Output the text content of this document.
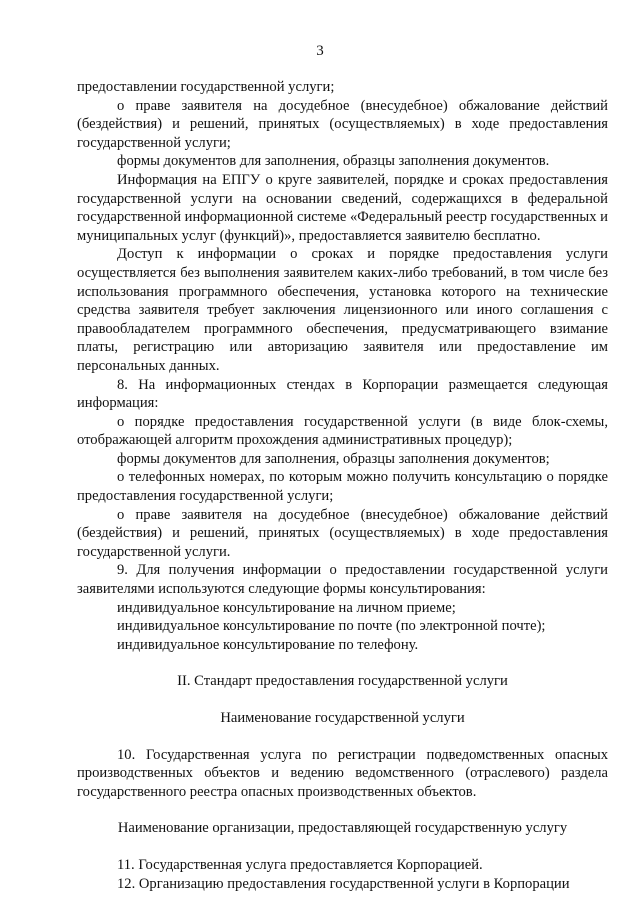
3

предоставлении государственной услуги;

о праве заявителя на досудебное (внесудебное) обжалование действий (бездействия) и решений, принятых (осуществляемых) в ходе предоставления государственной услуги;

формы документов для заполнения, образцы заполнения документов.

Информация на ЕПГУ о круге заявителей, порядке и сроках предоставления государственной услуги на основании сведений, содержащихся в федеральной государственной информационной системе «Федеральный реестр государственных и муниципальных услуг (функций)», предоставляется заявителю бесплатно.

Доступ к информации о сроках и порядке предоставления услуги осуществляется без выполнения заявителем каких-либо требований, в том числе без использования программного обеспечения, установка которого на технические средства заявителя требует заключения лицензионного или иного соглашения с правообладателем программного обеспечения, предусматривающего взимание платы, регистрацию или авторизацию заявителя или предоставление им персональных данных.

8. На информационных стендах в Корпорации размещается следующая информация:

о порядке предоставления государственной услуги (в виде блок-схемы, отображающей алгоритм прохождения административных процедур);

формы документов для заполнения, образцы заполнения документов;

о телефонных номерах, по которым можно получить консультацию о порядке предоставления государственной услуги;

о праве заявителя на досудебное (внесудебное) обжалование действий (бездействия) и решений, принятых (осуществляемых) в ходе предоставления государственной услуги.

9. Для получения информации о предоставлении государственной услуги заявителями используются следующие формы консультирования:

индивидуальное консультирование на личном приеме;

индивидуальное консультирование по почте (по электронной почте);

индивидуальное консультирование по телефону.

II. Стандарт предоставления государственной услуги

Наименование государственной услуги

10. Государственная услуга по регистрации подведомственных опасных производственных объектов и ведению ведомственного (отраслевого) раздела государственного реестра опасных производственных объектов.

Наименование организации, предоставляющей государственную услугу

11. Государственная услуга предоставляется Корпорацией.

12. Организацию предоставления государственной услуги в Корпорации
